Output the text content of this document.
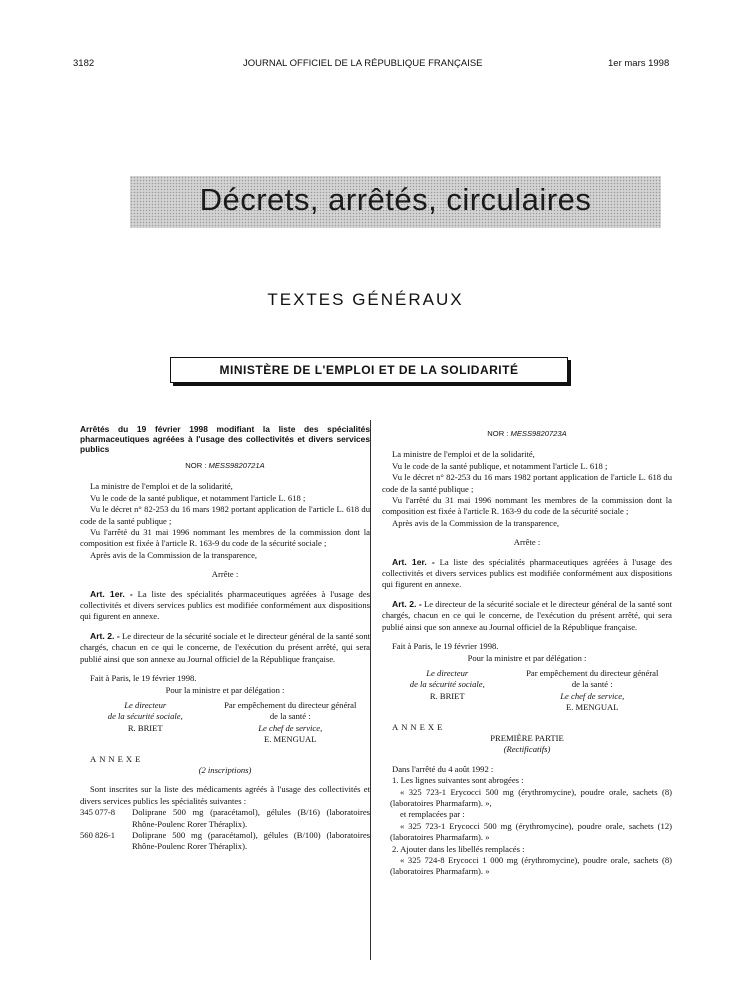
3182	JOURNAL OFFICIEL DE LA RÉPUBLIQUE FRANÇAISE	1er mars 1998
Décrets, arrêtés, circulaires
TEXTES GÉNÉRAUX
MINISTÈRE DE L'EMPLOI ET DE LA SOLIDARITÉ

Arrêtés du 19 février 1998 modifiant la liste des spécialités pharmaceutiques agréées à l'usage des collectivités et divers services publics

NOR : MESS9820721A

La ministre de l'emploi et de la solidarité,

Vu le code de la santé publique, et notamment l'article L. 618 ;

Vu le décret n° 82-253 du 16 mars 1982 portant application de l'article L. 618 du code de la santé publique ;

Vu l'arrêté du 31 mai 1996 nommant les membres de la commission dont la composition est fixée à l'article R. 163-9 du code de la sécurité sociale ;

Après avis de la Commission de la transparence,

Arrête :

Art. 1er. - La liste des spécialités pharmaceutiques agréées à l'usage des collectivités et divers services publics est modifiée conformément aux dispositions qui figurent en annexe.

Art. 2. - Le directeur de la sécurité sociale et le directeur général de la santé sont chargés, chacun en ce qui le concerne, de l'exécution du présent arrêté, qui sera publié ainsi que son annexe au Journal officiel de la République française.

Fait à Paris, le 19 février 1998.

Pour la ministre et par délégation :

Le directeur
de la sécurité sociale,
R. BRIET
Par empêchement du directeur général
de la santé :
Le chef de service,
E. MENGUAL

ANNEXE

(2 inscriptions)

Sont inscrites sur la liste des médicaments agréés à l'usage des collectivités et divers services publics les spécialités suivantes :

345 077-8	Doliprane 500 mg (paracétamol), gélules (B/16) (laboratoires Rhône-Poulenc Rorer Théraplix).
560 826-1	Doliprane 500 mg (paracétamol), gélules (B/100) (laboratoires Rhône-Poulenc Rorer Théraplix).

NOR : MESS9820723A

La ministre de l'emploi et de la solidarité,

Vu le code de la santé publique, et notamment l'article L. 618 ;

Vu le décret n° 82-253 du 16 mars 1982 portant application de l'article L. 618 du code de la santé publique ;

Vu l'arrêté du 31 mai 1996 nommant les membres de la commission dont la composition est fixée à l'article R. 163-9 du code de la sécurité sociale ;

Après avis de la Commission de la transparence,

Arrête :

Art. 1er. - La liste des spécialités pharmaceutiques agréées à l'usage des collectivités et divers services publics est modifiée conformément aux dispositions qui figurent en annexe.

Art. 2. - Le directeur de la sécurité sociale et le directeur général de la santé sont chargés, chacun en ce qui le concerne, de l'exécution du présent arrêté, qui sera publié ainsi que son annexe au Journal officiel de la République française.

Fait à Paris, le 19 février 1998.

Pour la ministre et par délégation :

Le directeur
de la sécurité sociale,
R. BRIET
Par empêchement du directeur général
de la santé :
Le chef de service,
E. MENGUAL

ANNEXE

PREMIÈRE PARTIE

(Rectificatifs)

Dans l'arrêté du 4 août 1992 :

1. Les lignes suivantes sont abrogées :

« 325 723-1 Erycocci 500 mg (érythromycine), poudre orale, sachets (8) (laboratoires Pharmafarm). »,

et remplacées par :

« 325 723-1 Erycocci 500 mg (érythromycine), poudre orale, sachets (12) (laboratoires Pharmafarm). »

2. Ajouter dans les libellés remplacés :

« 325 724-8 Erycocci 1 000 mg (érythromycine), poudre orale, sachets (8) (laboratoires Pharmafarm). »
